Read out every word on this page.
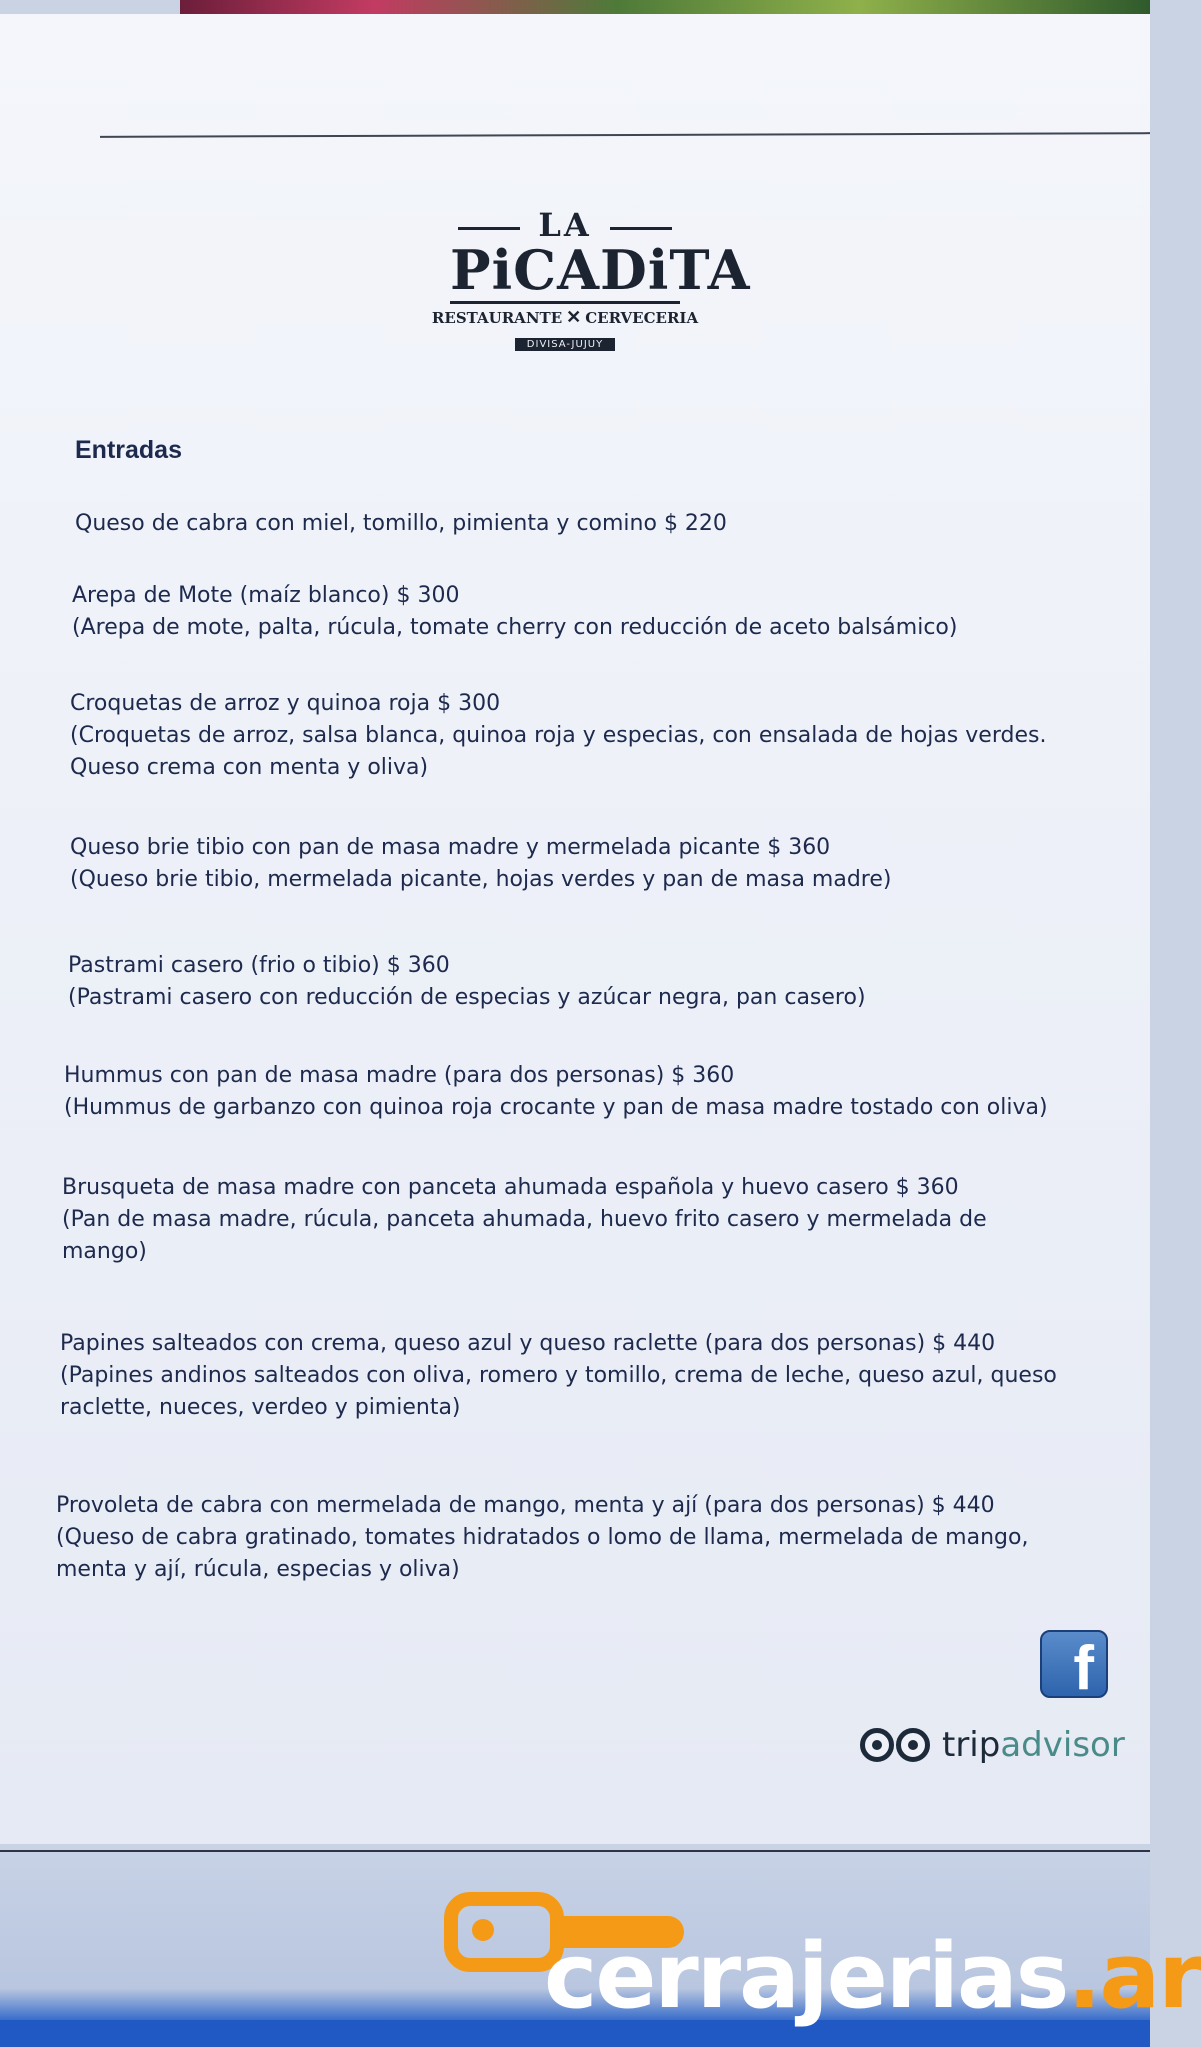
LA
PiCADiTA
RESTAURANTE ✕ CERVECERIA
DIVISA-JUJUY
Entradas
Queso de cabra con miel, tomillo, pimienta y comino $ 220
Arepa de Mote (maíz blanco) $ 300
(Arepa de mote, palta, rúcula, tomate cherry con reducción de aceto balsámico)
Croquetas de arroz y quinoa roja $ 300
(Croquetas de arroz, salsa blanca, quinoa roja y especias, con ensalada de hojas verdes.
Queso crema con menta y oliva)
Queso brie tibio con pan de masa madre y mermelada picante $ 360
(Queso brie tibio, mermelada picante, hojas verdes y pan de masa madre)
Pastrami casero (frio o tibio) $ 360
(Pastrami casero con reducción de especias y azúcar negra, pan casero)
Hummus con pan de masa madre (para dos personas) $ 360
(Hummus de garbanzo con quinoa roja crocante y pan de masa madre tostado con oliva)
Brusqueta de masa madre con panceta ahumada española y huevo casero $ 360
(Pan de masa madre, rúcula, panceta ahumada, huevo frito casero y mermelada de
mango)
Papines salteados con crema, queso azul y queso raclette (para dos personas) $ 440
(Papines andinos salteados con oliva, romero y tomillo, crema de leche, queso azul, queso
raclette, nueces, verdeo y pimienta)
Provoleta de cabra con mermelada de mango, menta y ají (para dos personas) $ 440
(Queso de cabra gratinado, tomates hidratados o lomo de llama, mermelada de mango,
menta y ají, rúcula, especias y oliva)
f
tripadvisor
cerrajerias.ar
